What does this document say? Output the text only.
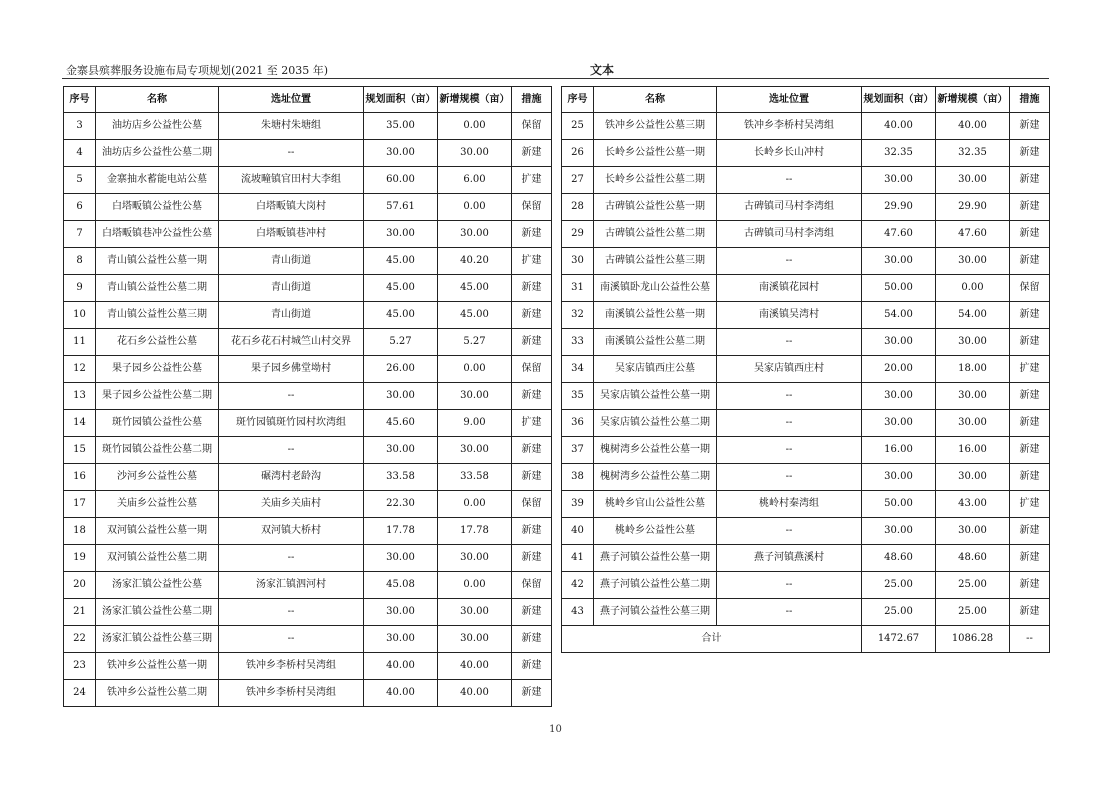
金寨县殡葬服务设施布局专项规划(2021 至 2035 年)	文本
序号	名称	选址位置	规划面积（亩）	新增规模（亩）	措施
3	油坊店乡公益性公墓	朱塘村朱塘组	35.00	0.00	保留
4	油坊店乡公益性公墓二期	--	30.00	30.00	新建
5	金寨抽水蓄能电站公墓	流坡疃镇官田村大李组	60.00	6.00	扩建
6	白塔畈镇公益性公墓	白塔畈镇大岗村	57.61	0.00	保留
7	白塔畈镇巷冲公益性公墓	白塔畈镇巷冲村	30.00	30.00	新建
8	青山镇公益性公墓一期	青山街道	45.00	40.20	扩建
9	青山镇公益性公墓二期	青山街道	45.00	45.00	新建
10	青山镇公益性公墓三期	青山街道	45.00	45.00	新建
11	花石乡公益性公墓	花石乡花石村城竺山村交界	5.27	5.27	新建
12	果子园乡公益性公墓	果子园乡佛堂坳村	26.00	0.00	保留
13	果子园乡公益性公墓二期	--	30.00	30.00	新建
14	斑竹园镇公益性公墓	斑竹园镇斑竹园村坎湾组	45.60	9.00	扩建
15	斑竹园镇公益性公墓二期	--	30.00	30.00	新建
16	沙河乡公益性公墓	碾湾村老龄沟	33.58	33.58	新建
17	关庙乡公益性公墓	关庙乡关庙村	22.30	0.00	保留
18	双河镇公益性公墓一期	双河镇大桥村	17.78	17.78	新建
19	双河镇公益性公墓二期	--	30.00	30.00	新建
20	汤家汇镇公益性公墓	汤家汇镇泗河村	45.08	0.00	保留
21	汤家汇镇公益性公墓二期	--	30.00	30.00	新建
22	汤家汇镇公益性公墓三期	--	30.00	30.00	新建
23	铁冲乡公益性公墓一期	铁冲乡李桥村吴湾组	40.00	40.00	新建
24	铁冲乡公益性公墓二期	铁冲乡李桥村吴湾组	40.00	40.00	新建
序号	名称	选址位置	规划面积（亩）	新增规模（亩）	措施
25	铁冲乡公益性公墓三期	铁冲乡李桥村吴湾组	40.00	40.00	新建
26	长岭乡公益性公墓一期	长岭乡长山冲村	32.35	32.35	新建
27	长岭乡公益性公墓二期	--	30.00	30.00	新建
28	古碑镇公益性公墓一期	古碑镇司马村李湾组	29.90	29.90	新建
29	古碑镇公益性公墓二期	古碑镇司马村李湾组	47.60	47.60	新建
30	古碑镇公益性公墓三期	--	30.00	30.00	新建
31	南溪镇卧龙山公益性公墓	南溪镇花园村	50.00	0.00	保留
32	南溪镇公益性公墓一期	南溪镇吴湾村	54.00	54.00	新建
33	南溪镇公益性公墓二期	--	30.00	30.00	新建
34	吴家店镇西庄公墓	吴家店镇西庄村	20.00	18.00	扩建
35	吴家店镇公益性公墓一期	--	30.00	30.00	新建
36	吴家店镇公益性公墓二期	--	30.00	30.00	新建
37	槐树湾乡公益性公墓一期	--	16.00	16.00	新建
38	槐树湾乡公益性公墓二期	--	30.00	30.00	新建
39	桃岭乡官山公益性公墓	桃岭村秦湾组	50.00	43.00	扩建
40	桃岭乡公益性公墓	--	30.00	30.00	新建
41	燕子河镇公益性公墓一期	燕子河镇燕溪村	48.60	48.60	新建
42	燕子河镇公益性公墓二期	--	25.00	25.00	新建
43	燕子河镇公益性公墓三期	--	25.00	25.00	新建
合计			1472.67	1086.28	--
10
